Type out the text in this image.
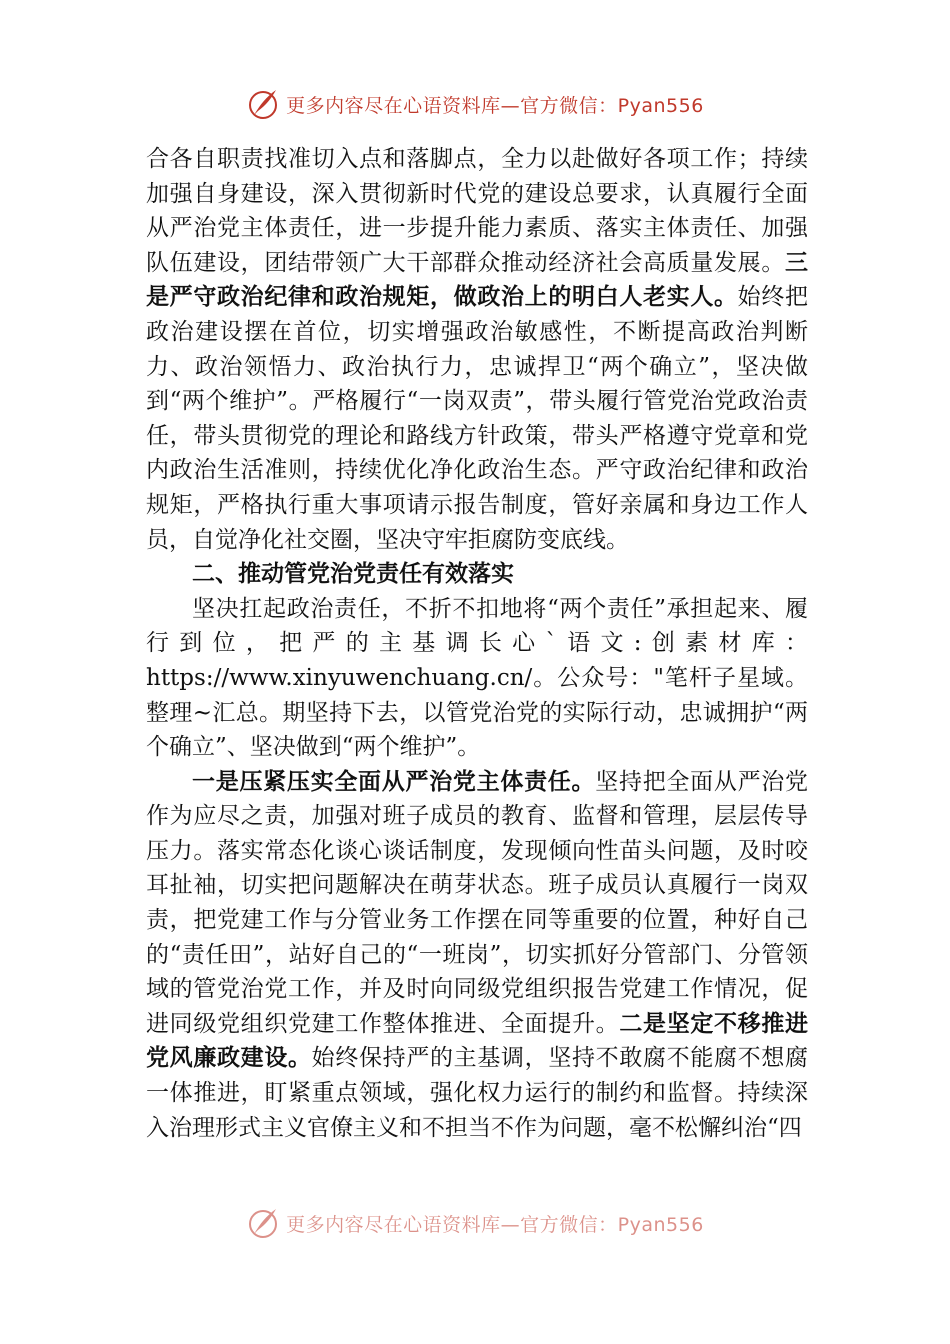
更多内容尽在心语资料库—官方微信：Pyan556

合各自职责找准切入点和落脚点，全力以赴做好各项工作；持续加强自身建设，深入贯彻新时代党的建设总要求，认真履行全面从严治党主体责任，进一步提升能力素质、落实主体责任、加强队伍建设，团结带领广大干部群众推动经济社会高质量发展。三是严守政治纪律和政治规矩，做政治上的明白人老实人。始终把政治建设摆在首位，切实增强政治敏感性，不断提高政治判断力、政治领悟力、政治执行力，忠诚捍卫“两个确立”，坚决做到“两个维护”。严格履行“一岗双责”，带头履行管党治党政治责任，带头贯彻党的理论和路线方针政策，带头严格遵守党章和党内政治生活准则，持续优化净化政治生态。严守政治纪律和政治规矩，严格执行重大事项请示报告制度，管好亲属和身边工作人员，自觉净化社交圈，坚决守牢拒腐防变底线。

二、推动管党治党责任有效落实

坚决扛起政治责任，不折不扣地将“两个责任”承担起来、履行到位，把严的主基调长心`语文:创素材库：https://www.xinyuwenchuang.cn/。公众号："笔杆子星域。整理~汇总。期坚持下去，以管党治党的实际行动，忠诚拥护“两个确立”、坚决做到“两个维护”。

一是压紧压实全面从严治党主体责任。坚持把全面从严治党作为应尽之责，加强对班子成员的教育、监督和管理，层层传导压力。落实常态化谈心谈话制度，发现倾向性苗头问题，及时咬耳扯袖，切实把问题解决在萌芽状态。班子成员认真履行一岗双责，把党建工作与分管业务工作摆在同等重要的位置，种好自己的“责任田”，站好自己的“一班岗”，切实抓好分管部门、分管领域的管党治党工作，并及时向同级党组织报告党建工作情况，促进同级党组织党建工作整体推进、全面提升。二是坚定不移推进党风廉政建设。始终保持严的主基调，坚持不敢腐不能腐不想腐一体推进，盯紧重点领域，强化权力运行的制约和监督。持续深入治理形式主义官僚主义和不担当不作为问题，毫不松懈纠治“四

更多内容尽在心语资料库—官方微信：Pyan556
